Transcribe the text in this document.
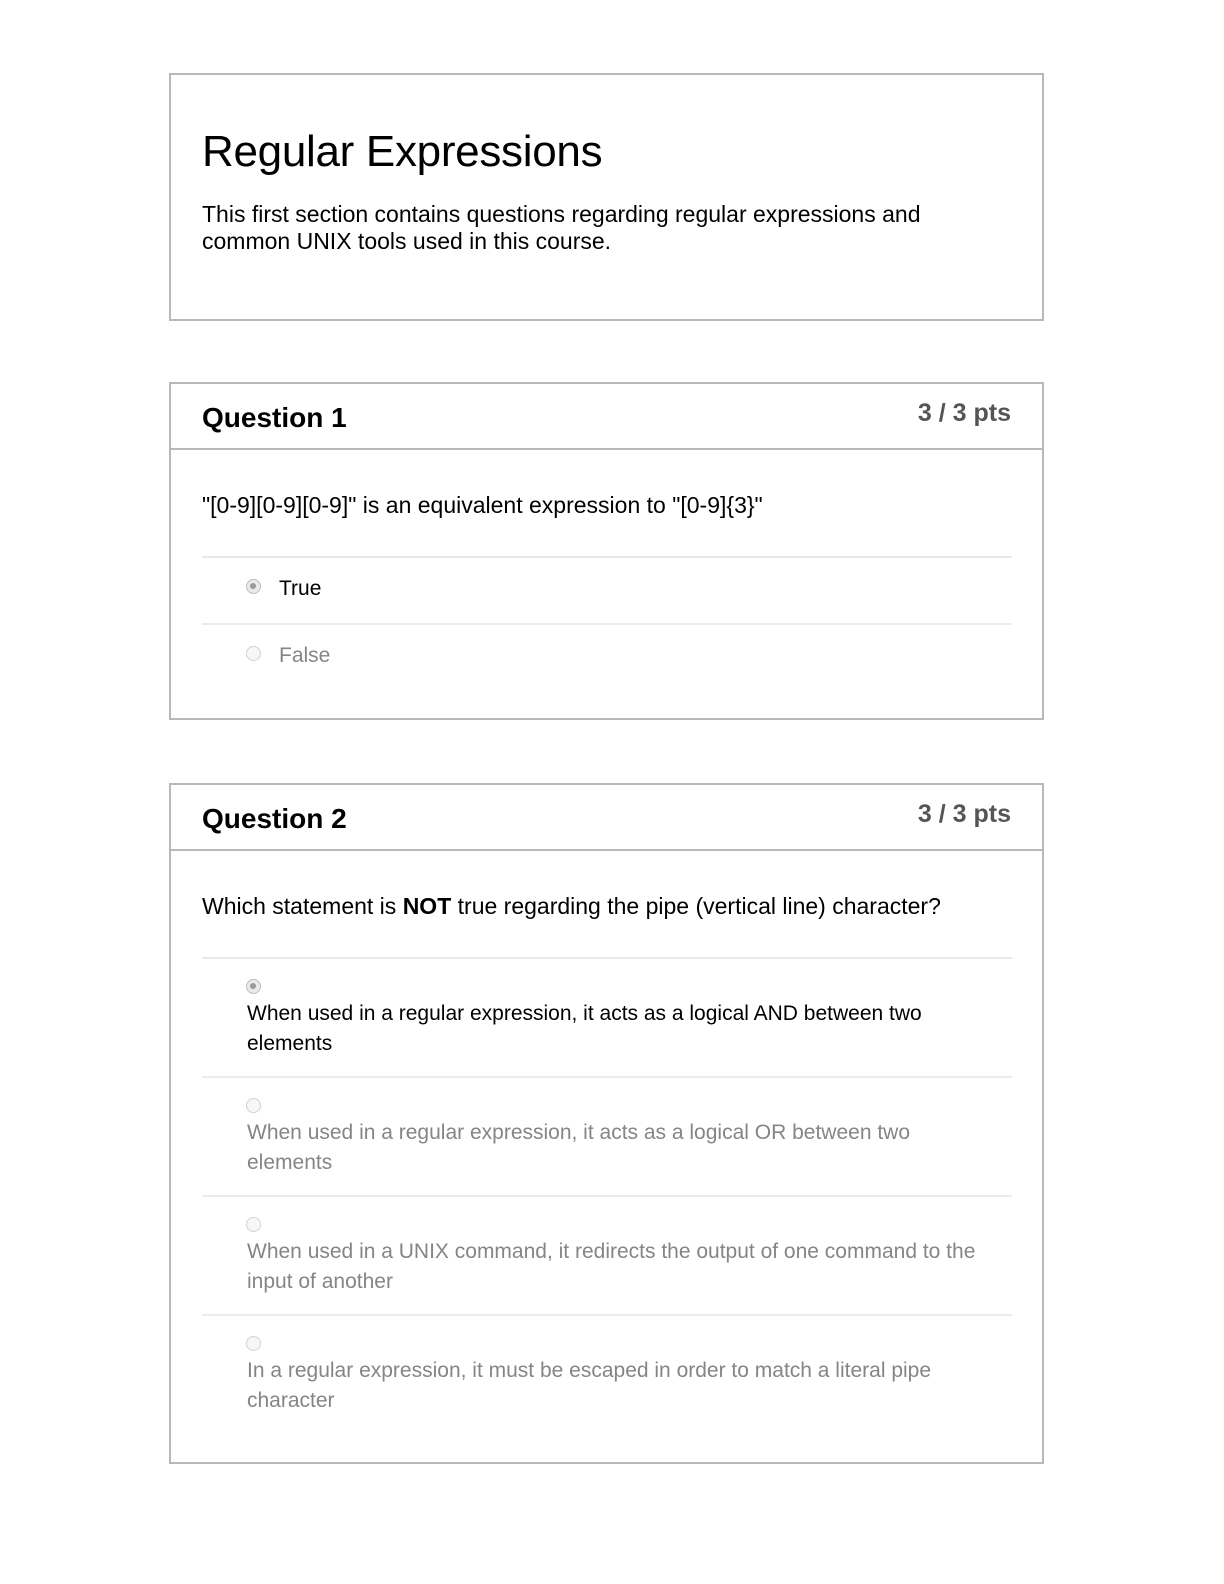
Regular Expressions

This first section contains questions regarding regular expressions and common UNIX tools used in this course.

Question 1	3 / 3 pts

"[0-9][0-9][0-9]" is an equivalent expression to "[0-9]{3}"

True
False
Question 2	3 / 3 pts

Which statement is NOT true regarding the pipe (vertical line) character?

When used in a regular expression, it acts as a logical AND between two elements
When used in a regular expression, it acts as a logical OR between two elements
When used in a UNIX command, it redirects the output of one command to the input of another
In a regular expression, it must be escaped in order to match a literal pipe character
